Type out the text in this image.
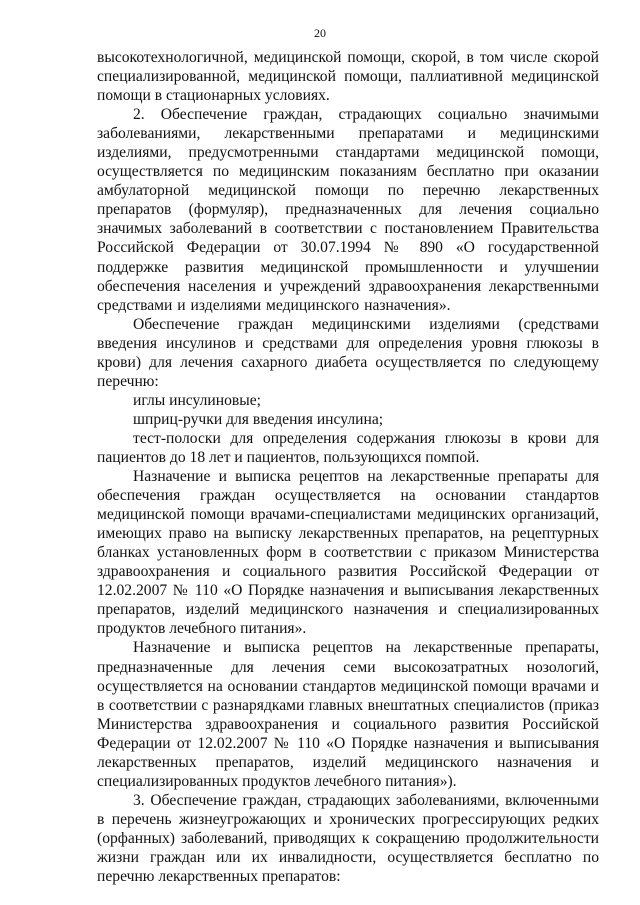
20

высокотехнологичной, медицинской помощи, скорой, в том числе скорой специализированной, медицинской помощи, паллиативной медицинской помощи в стационарных условиях.

2. Обеспечение граждан, страдающих социально значимыми заболеваниями, лекарственными препаратами и медицинскими изделиями, предусмотренными стандартами медицинской помощи, осуществляется по медицинским показаниям бесплатно при оказании амбулаторной медицинской помощи по перечню лекарственных препаратов (формуляр), предназначенных для лечения социально значимых заболеваний в соответствии с постановлением Правительства Российской Федерации от 30.07.1994 № 890 «О государственной поддержке развития медицинской промышленности и улучшении обеспечения населения и учреждений здравоохранения лекарственными средствами и изделиями медицинского назначения».

Обеспечение граждан медицинскими изделиями (средствами введения инсулинов и средствами для определения уровня глюкозы в крови) для лечения сахарного диабета осуществляется по следующему перечню:

иглы инсулиновые;

шприц-ручки для введения инсулина;

тест-полоски для определения содержания глюкозы в крови для пациентов до 18 лет и пациентов, пользующихся помпой.

Назначение и выписка рецептов на лекарственные препараты для обеспечения граждан осуществляется на основании стандартов медицинской помощи врачами-специалистами медицинских организаций, имеющих право на выписку лекарственных препаратов, на рецептурных бланках установленных форм в соответствии с приказом Министерства здравоохранения и социального развития Российской Федерации от 12.02.2007 № 110 «О Порядке назначения и выписывания лекарственных препаратов, изделий медицинского назначения и специализированных продуктов лечебного питания».

Назначение и выписка рецептов на лекарственные препараты, предназначенные для лечения семи высокозатратных нозологий, осуществляется на основании стандартов медицинской помощи врачами и в соответствии с разнарядками главных внештатных специалистов (приказ Министерства здравоохранения и социального развития Российской Федерации от 12.02.2007 № 110 «О Порядке назначения и выписывания лекарственных препаратов, изделий медицинского назначения и специализированных продуктов лечебного питания»).

3. Обеспечение граждан, страдающих заболеваниями, включенными в перечень жизнеугрожающих и хронических прогрессирующих редких (орфанных) заболеваний, приводящих к сокращению продолжительности жизни граждан или их инвалидности, осуществляется бесплатно по перечню лекарственных препаратов:
